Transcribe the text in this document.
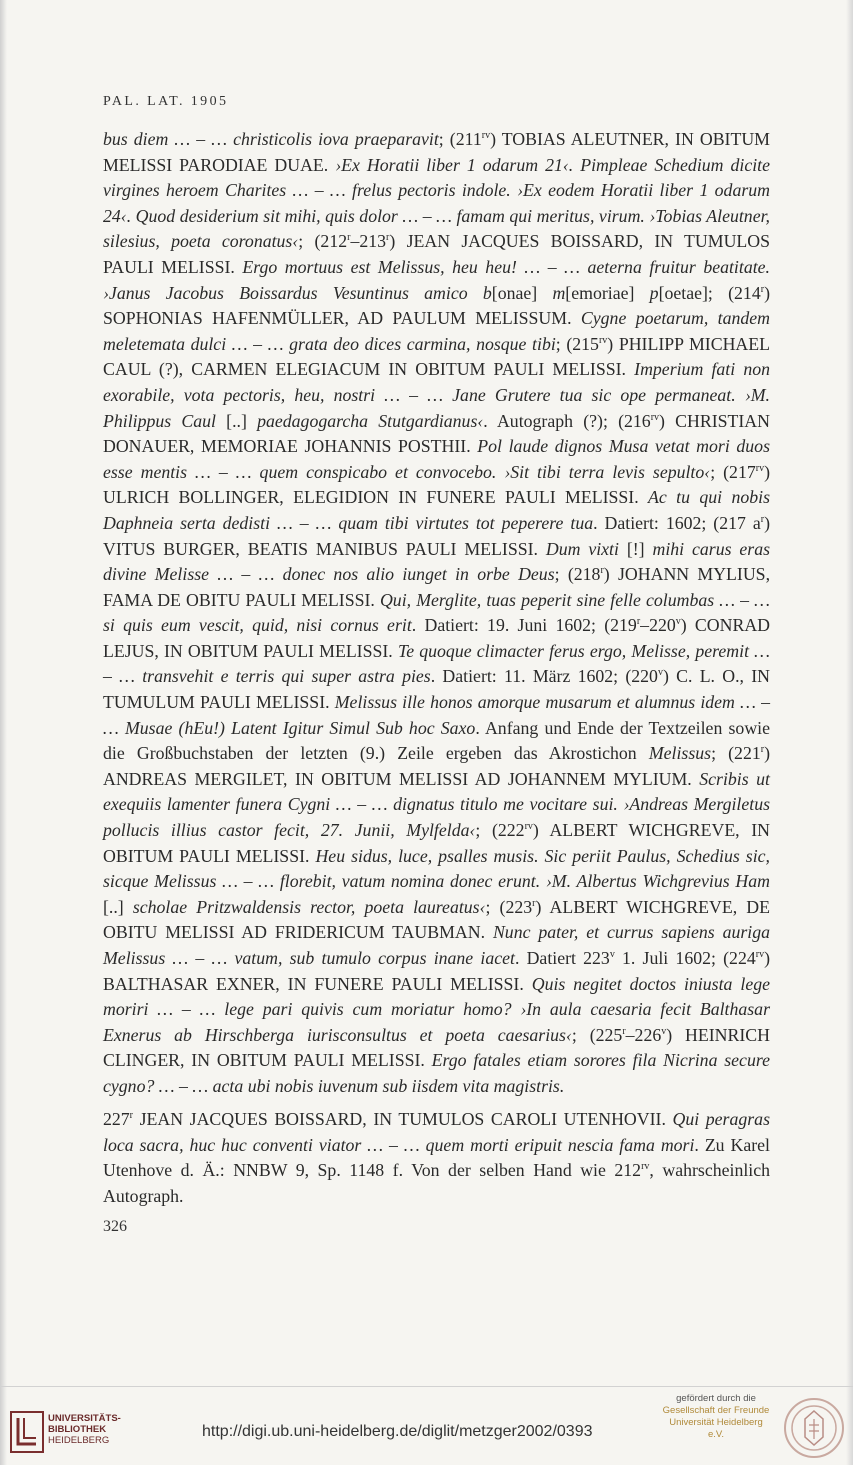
PAL. LAT. 1905

bus diem … – … christicolis iova praeparavit; $(211^{rv})$ TOBIAS ALEUTNER, IN OBITUM MELISSI PARODIAE DUAE. ›Ex Horatii liber 1 odarum 21‹. Pimpleae Schedium dicite virgines heroem Charites … – … frelus pectoris indole. ›Ex eodem Horatii liber 1 odarum 24‹. Quod desiderium sit mihi, quis dolor … – … famam qui meritus, virum. ›Tobias Aleutner, silesius, poeta coronatus‹; (212$^r$–213$^r$) JEAN JACQUES BOISSARD, IN TUMULOS PAULI MELISSI. Ergo mortuus est Melissus, heu heu! … – … aeterna fruitur beatitate. ›Janus Jacobus Boissardus Vesuntinus amico b[onae] m[emoriae] p[oetae]; (214$^r$) SOPHONIAS HAFENMÜLLER, AD PAULUM MELISSUM. Cygne poetarum, tandem meletemata dulci … – … grata deo dices carmina, nosque tibi; $(215^{rv})$ PHILIPP MICHAEL CAUL (?), CARMEN ELEGIACUM IN OBITUM PAULI MELISSI. Imperium fati non exorabile, vota pectoris, heu, nostri … – … Jane Grutere tua sic ope permaneat. ›M. Philippus Caul [..] paedagogarcha Stutgardianus‹. Autograph (?); $(216^{rv})$ CHRISTIAN DONAUER, MEMORIAE JOHANNIS POSTHII. Pol laude dignos Musa vetat mori duos esse mentis … – … quem conspicabo et convocebo. ›Sit tibi terra levis sepulto‹; $(217^{rv})$ ULRICH BOLLINGER, ELEGIDION IN FUNERE PAULI MELISSI. Ac tu qui nobis Daphneia serta dedisti … – … quam tibi virtutes tot peperere tua. Datiert: 1602; (217 $a^r$) VITUS BURGER, BEATIS MANIBUS PAULI MELISSI. Dum vixti [!] mihi carus eras divine Melisse … – … donec nos alio iunget in orbe Deus; (218$^r$) JOHANN MYLIUS, FAMA DE OBITU PAULI MELISSI. Qui, Merglite, tuas peperit sine felle columbas … – … si quis eum vescit, quid, nisi cornus erit. Datiert: 19. Juni 1602; (219$^r$–220$^v$) CONRAD LEJUS, IN OBITUM PAULI MELISSI. Te quoque climacter ferus ergo, Melisse, peremit … – … transvehit e terris qui super astra pies. Datiert: 11. März 1602; (220$^v$) C. L. O., IN TUMULUM PAULI MELISSI. Melissus ille honos amorque musarum et alumnus idem … – … Musae (hEu!) Latent Igitur Simul Sub hoc Saxo. Anfang und Ende der Textzeilen sowie die Großbuchstaben der letzten (9.) Zeile ergeben das Akrostichon Melissus; (221$^r$) ANDREAS MERGILET, IN OBITUM MELISSI AD JOHANNEM MYLIUM. Scribis ut exequiis lamenter funera Cygni … – … dignatus titulo me vocitare sui. ›Andreas Mergiletus pollucis illius castor fecit, 27. Junii, Mylfelda‹; $(222^{rv})$ ALBERT WICHGREVE, IN OBITUM PAULI MELISSI. Heu sidus, luce, psalles musis. Sic periit Paulus, Schedius sic, sicque Melissus … – … florebit, vatum nomina donec erunt. ›M. Albertus Wichgrevius Ham [..] scholae Pritzwaldensis rector, poeta laureatus‹; (223$^r$) ALBERT WICHGREVE, DE OBITU MELISSI AD FRIDERICUM TAUBMAN. Nunc pater, et currus sapiens auriga Melissus … – … vatum, sub tumulo corpus inane iacet. Datiert 223$^v$ 1. Juli 1602; $(224^{rv})$ BALTHASAR EXNER, IN FUNERE PAULI MELISSI. Quis negitet doctos iniusta lege moriri … – … lege pari quivis cum moriatur homo? ›In aula caesaria fecit Balthasar Exnerus ab Hirschberga iurisconsultus et poeta caesarius‹; (225$^r$–226$^v$) HEINRICH CLINGER, IN OBITUM PAULI MELISSI. Ergo fatales etiam sorores fila Nicrina secure cygno? … – … acta ubi nobis iuvenum sub iisdem vita magistris.

227$^r$ JEAN JACQUES BOISSARD, IN TUMULOS CAROLI UTENHOVII. Qui peragras loca sacra, huc huc conventi viator … – … quem morti eripuit nescia fama mori. Zu Karel Utenhove d. Ä.: NNBW 9, Sp. 1148 f. Von der selben Hand wie $212^{rv}$, wahrscheinlich Autograph.

326
UNIVERSITÄTS-
BIBLIOTHEK
HEIDELBERG
http://digi.ub.uni-heidelberg.de/diglit/metzger2002/0393
gefördert durch die
Gesellschaft der Freunde
Universität Heidelberg e.V.
